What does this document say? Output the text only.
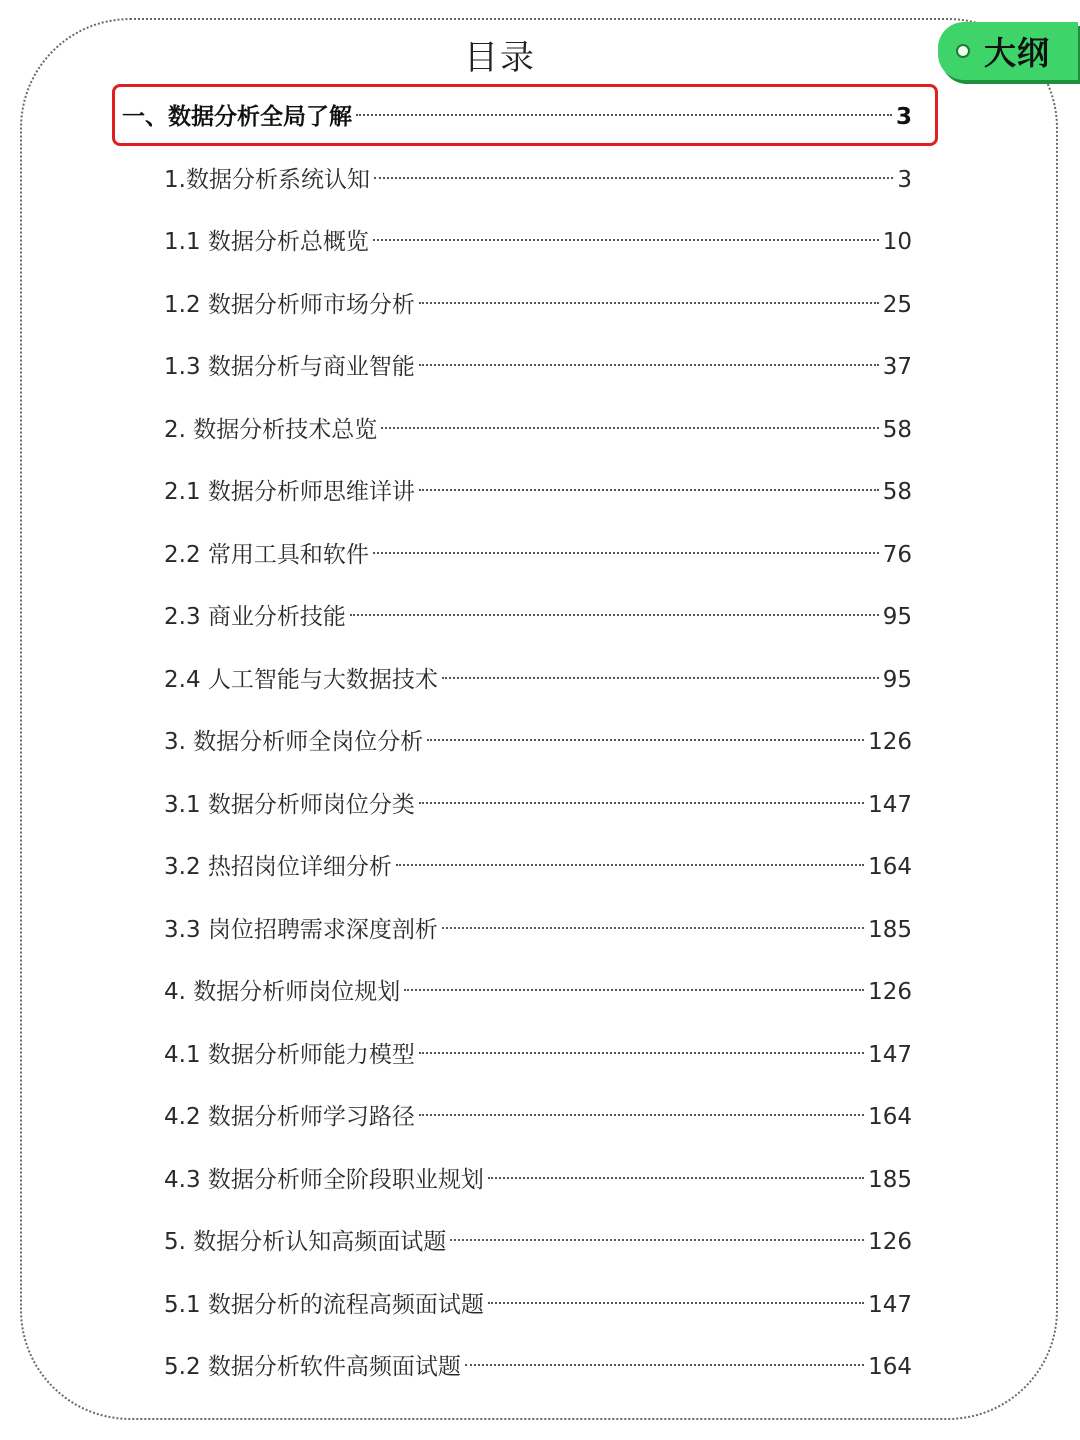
目录	大纲
一、数据分析全局了解	3
1.数据分析系统认知	3
1.1 数据分析总概览	10
1.2 数据分析师市场分析	25
1.3 数据分析与商业智能	37
2. 数据分析技术总览	58
2.1 数据分析师思维详讲	58
2.2 常用工具和软件	76
2.3 商业分析技能	95
2.4 人工智能与大数据技术	95
3. 数据分析师全岗位分析	126
3.1 数据分析师岗位分类	147
3.2 热招岗位详细分析	164
3.3 岗位招聘需求深度剖析	185
4. 数据分析师岗位规划	126
4.1 数据分析师能力模型	147
4.2 数据分析师学习路径	164
4.3 数据分析师全阶段职业规划	185
5. 数据分析认知高频面试题	126
5.1 数据分析的流程高频面试题	147
5.2 数据分析软件高频面试题	164
